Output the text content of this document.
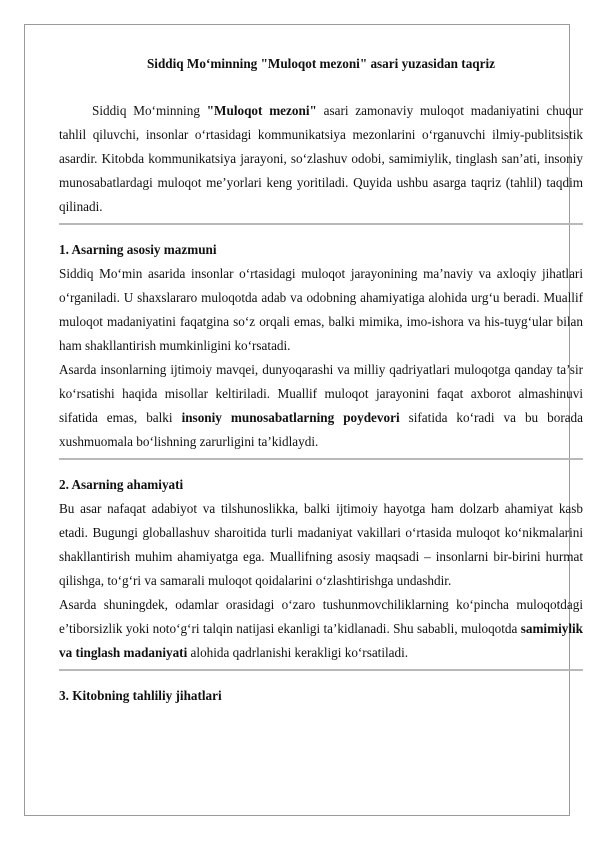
Siddiq Mo‘minning "Muloqot mezoni" asari yuzasidan taqriz

Siddiq Mo‘minning "Muloqot mezoni" asari zamonaviy muloqot madaniyatini chuqur tahlil qiluvchi, insonlar o‘rtasidagi kommunikatsiya mezonlarini o‘rganuvchi ilmiy-publitsistik asardir. Kitobda kommunikatsiya jarayoni, so‘zlashuv odobi, samimiylik, tinglash san’ati, insoniy munosabatlardagi muloqot me’yorlari keng yoritiladi. Quyida ushbu asarga taqriz (tahlil) taqdim qilinadi.

1. Asarning asosiy mazmuni

Siddiq Mo‘min asarida insonlar o‘rtasidagi muloqot jarayonining ma’naviy va axloqiy jihatlari o‘rganiladi. U shaxslararo muloqotda adab va odobning ahamiyatiga alohida urg‘u beradi. Muallif muloqot madaniyatini faqatgina so‘z orqali emas, balki mimika, imo-ishora va his-tuyg‘ular bilan ham shakllantirish mumkinligini ko‘rsatadi.

Asarda insonlarning ijtimoiy mavqei, dunyoqarashi va milliy qadriyatlari muloqotga qanday ta’sir ko‘rsatishi haqida misollar keltiriladi. Muallif muloqot jarayonini faqat axborot almashinuvi sifatida emas, balki insoniy munosabatlarning poydevori sifatida ko‘radi va bu borada xushmuomala bo‘lishning zarurligini ta’kidlaydi.

2. Asarning ahamiyati

Bu asar nafaqat adabiyot va tilshunoslikka, balki ijtimoiy hayotga ham dolzarb ahamiyat kasb etadi. Bugungi globallashuv sharoitida turli madaniyat vakillari o‘rtasida muloqot ko‘nikmalarini shakllantirish muhim ahamiyatga ega. Muallifning asosiy maqsadi – insonlarni bir-birini hurmat qilishga, to‘g‘ri va samarali muloqot qoidalarini o‘zlashtirishga undashdir.

Asarda shuningdek, odamlar orasidagi o‘zaro tushunmovchiliklarning ko‘pincha muloqotdagi e’tiborsizlik yoki noto‘g‘ri talqin natijasi ekanligi ta’kidlanadi. Shu sababli, muloqotda samimiylik va tinglash madaniyati alohida qadrlanishi kerakligi ko‘rsatiladi.

3. Kitobning tahliliy jihatlari
